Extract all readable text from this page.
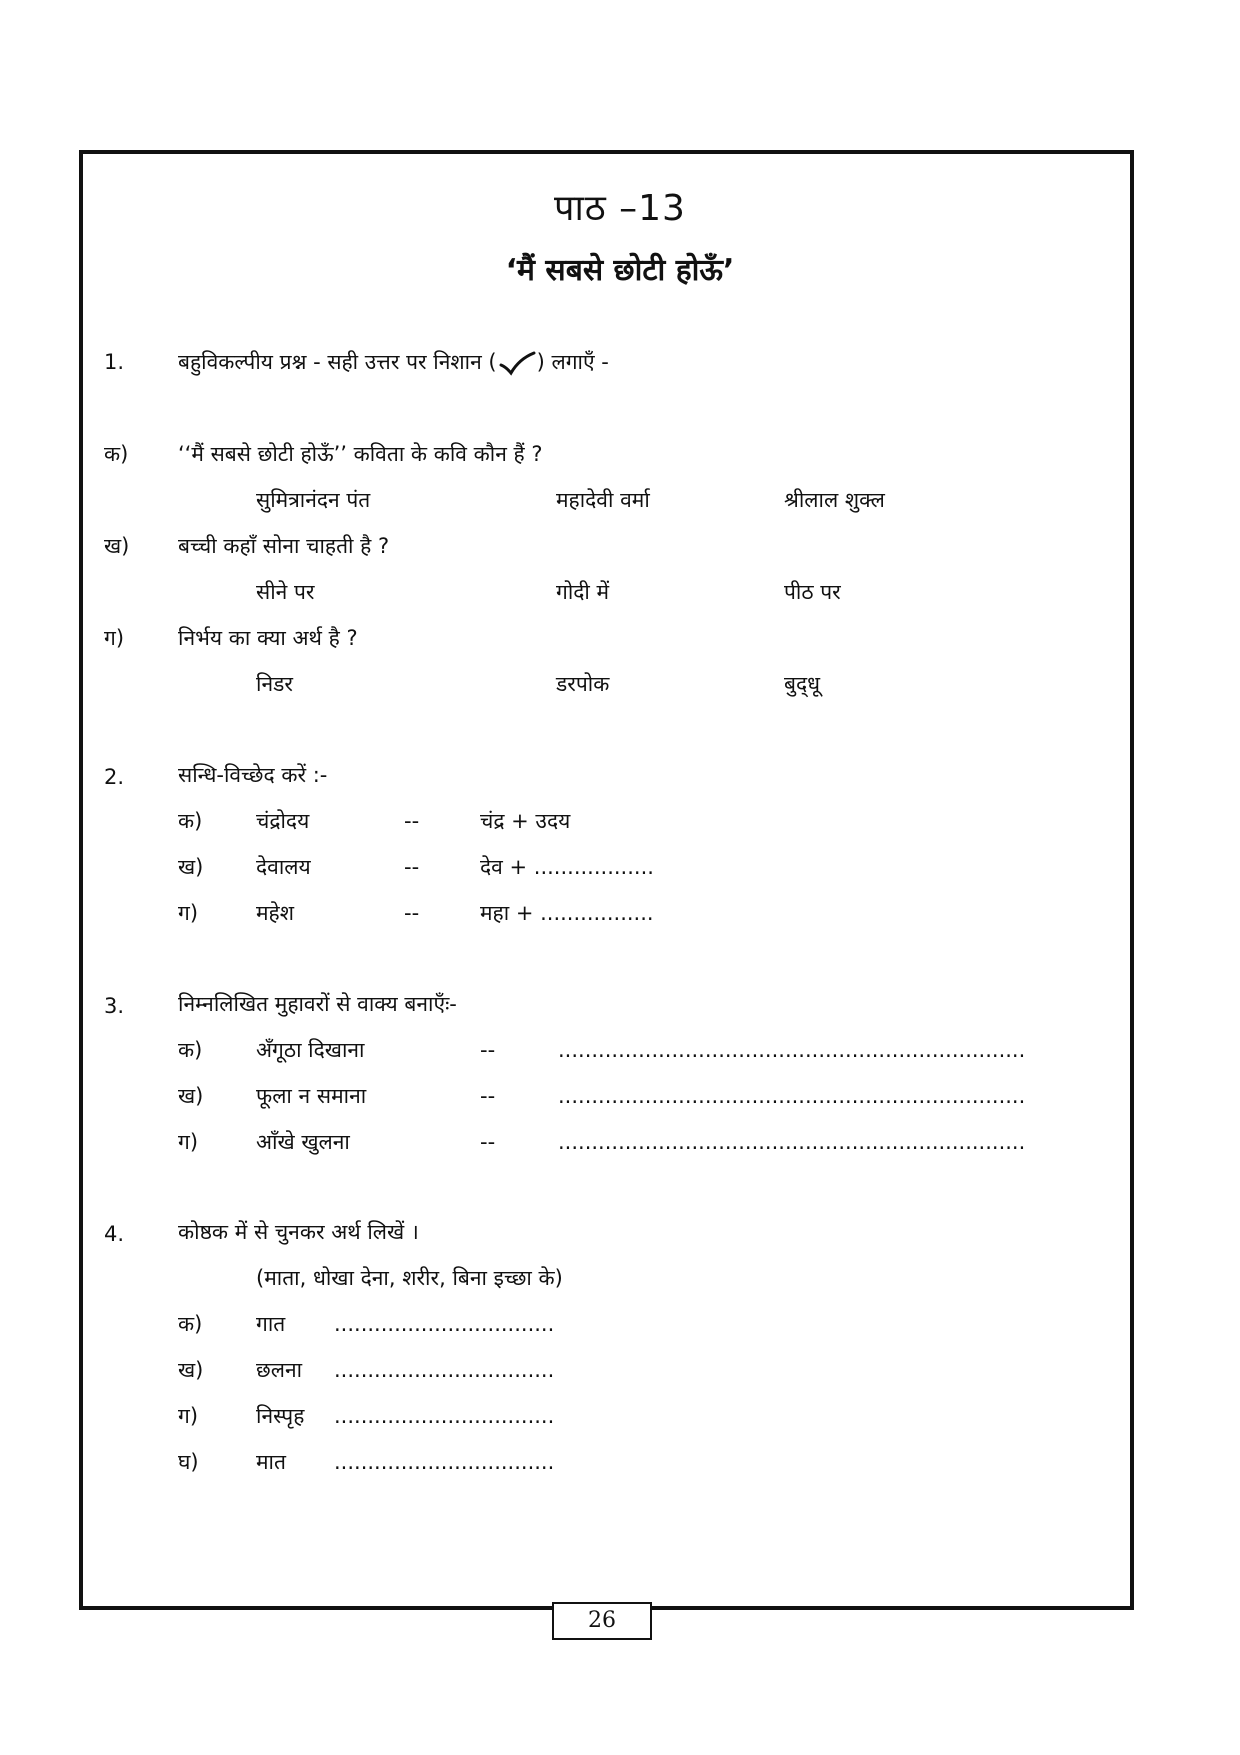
पाठ –13
‘मैं सबसे छोटी होऊँ’
1.	बहुविकल्पीय प्रश्न - सही उत्तर पर निशान ( ) लगाएँ -
क) ‘‘मैं सबसे छोटी होऊँ’’ कविता के कवि कौन हैं ?
सुमित्रानंदन पंत	महादेवी वर्मा	श्रीलाल शुक्ल
ख) बच्ची कहाँ सोना चाहती है ?
सीने पर	गोदी में	पीठ पर
ग)	निर्भय का क्या अर्थ है ?
निडर	डरपोक	बुद्‌धू
2.	सन्धि-विच्छेद करें :-
क)	चंद्रोदय	--	चंद्र + उदय
ख)	देवालय	--	देव + ..................
ग)	महेश	--	महा + .................
3.	निम्नलिखित मुहावरों से वाक्य बनाएँः-
क)	अँगूठा दिखाना	--	......................................................................
ख)	फूला न समाना	--	......................................................................
ग)	आँखे खुलना	--	......................................................................
4.	कोष्ठक में से चुनकर अर्थ लिखें ।
(माता, धोखा देना, शरीर, बिना इच्छा के)
क)	गात .................................
ख)	छलना .................................
ग)	निस्पृह .................................
घ)	मात .................................
26
